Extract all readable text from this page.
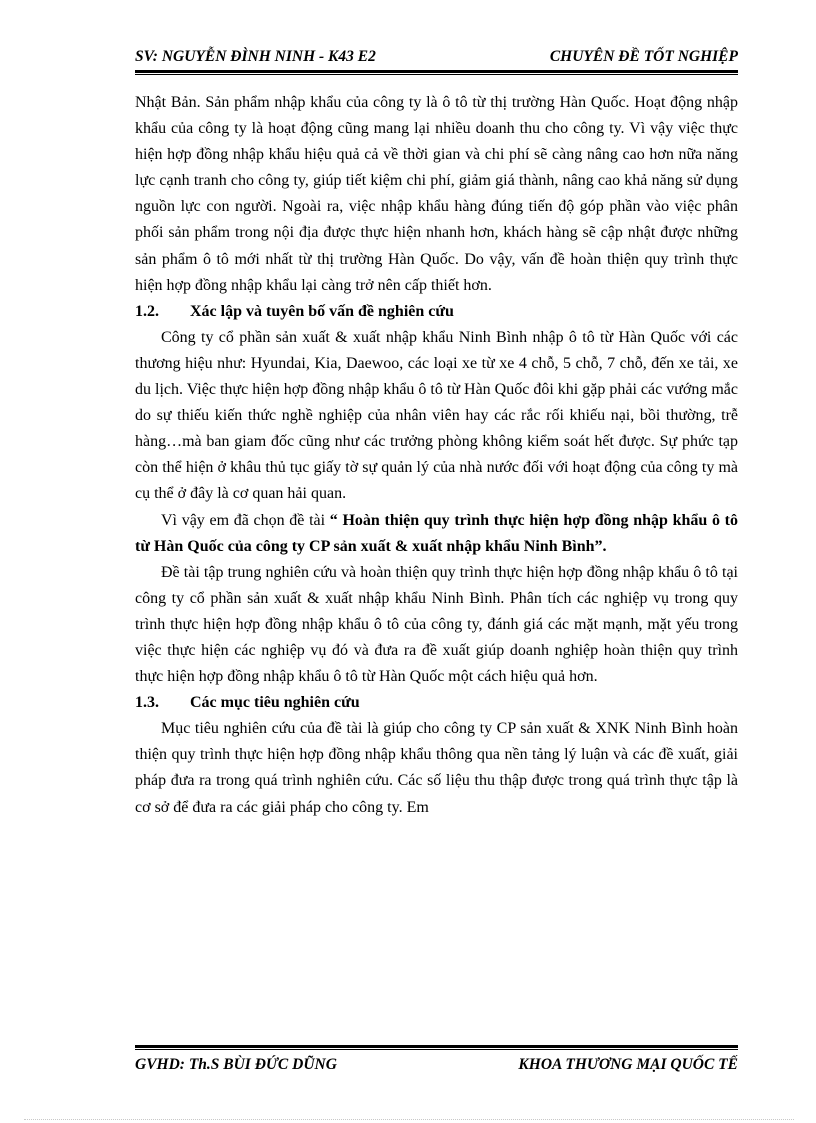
SV: NGUYỄN ĐÌNH NINH - K43 E2	CHUYÊN ĐỀ TỐT NGHIỆP

Nhật Bản. Sản phẩm nhập khẩu của công ty là ô tô từ thị trường Hàn Quốc. Hoạt động nhập khẩu của công ty là hoạt động cũng mang lại nhiều doanh thu cho công ty. Vì vậy việc thực hiện hợp đồng nhập khẩu hiệu quả cả về thời gian và chi phí sẽ càng nâng cao hơn nữa năng lực cạnh tranh cho công ty, giúp tiết kiệm chi phí, giảm giá thành, nâng cao khả năng sử dụng nguồn lực con người. Ngoài ra, việc nhập khẩu hàng đúng tiến độ góp phần vào việc phân phối sản phẩm trong nội địa được thực hiện nhanh hơn, khách hàng sẽ cập nhật được những sản phẩm ô tô mới nhất từ thị trường Hàn Quốc. Do vậy, vấn đề hoàn thiện quy trình thực hiện hợp đồng nhập khẩu lại càng trở nên cấp thiết hơn.

1.2. Xác lập và tuyên bố vấn đề nghiên cứu

Công ty cổ phần sản xuất & xuất nhập khẩu Ninh Bình nhập ô tô từ Hàn Quốc với các thương hiệu như: Hyundai, Kia, Daewoo, các loại xe từ xe 4 chỗ, 5 chỗ, 7 chỗ, đến xe tải, xe du lịch. Việc thực hiện hợp đồng nhập khẩu ô tô từ Hàn Quốc đôi khi gặp phải các vướng mắc do sự thiếu kiến thức nghề nghiệp của nhân viên hay các rắc rối khiếu nại, bồi thường, trễ hàng…mà ban giam đốc cũng như các trưởng phòng không kiểm soát hết được. Sự phức tạp còn thể hiện ở khâu thủ tục giấy tờ sự quản lý của nhà nước đối với hoạt động của công ty mà cụ thể ở đây là cơ quan hải quan.

Vì vậy em đã chọn đề tài “ Hoàn thiện quy trình thực hiện hợp đồng nhập khẩu ô tô từ Hàn Quốc của công ty CP sản xuất & xuất nhập khẩu Ninh Bình”.

Đề tài tập trung nghiên cứu và hoàn thiện quy trình thực hiện hợp đồng nhập khẩu ô tô tại công ty cổ phần sản xuất & xuất nhập khẩu Ninh Bình. Phân tích các nghiệp vụ trong quy trình thực hiện hợp đồng nhập khẩu ô tô của công ty, đánh giá các mặt mạnh, mặt yếu trong việc thực hiện các nghiệp vụ đó và đưa ra đề xuất giúp doanh nghiệp hoàn thiện quy trình thực hiện hợp đồng nhập khẩu ô tô từ Hàn Quốc một cách hiệu quả hơn.

1.3. Các mục tiêu nghiên cứu

Mục tiêu nghiên cứu của đề tài là giúp cho công ty CP sản xuất & XNK Ninh Bình hoàn thiện quy trình thực hiện hợp đồng nhập khẩu thông qua nền tảng lý luận và các đề xuất, giải pháp đưa ra trong quá trình nghiên cứu. Các số liệu thu thập được trong quá trình thực tập là cơ sở để đưa ra các giải pháp cho công ty. Em

GVHD: Th.S BÙI ĐỨC DŨNG	KHOA THƯƠNG MẠI QUỐC TẾ
